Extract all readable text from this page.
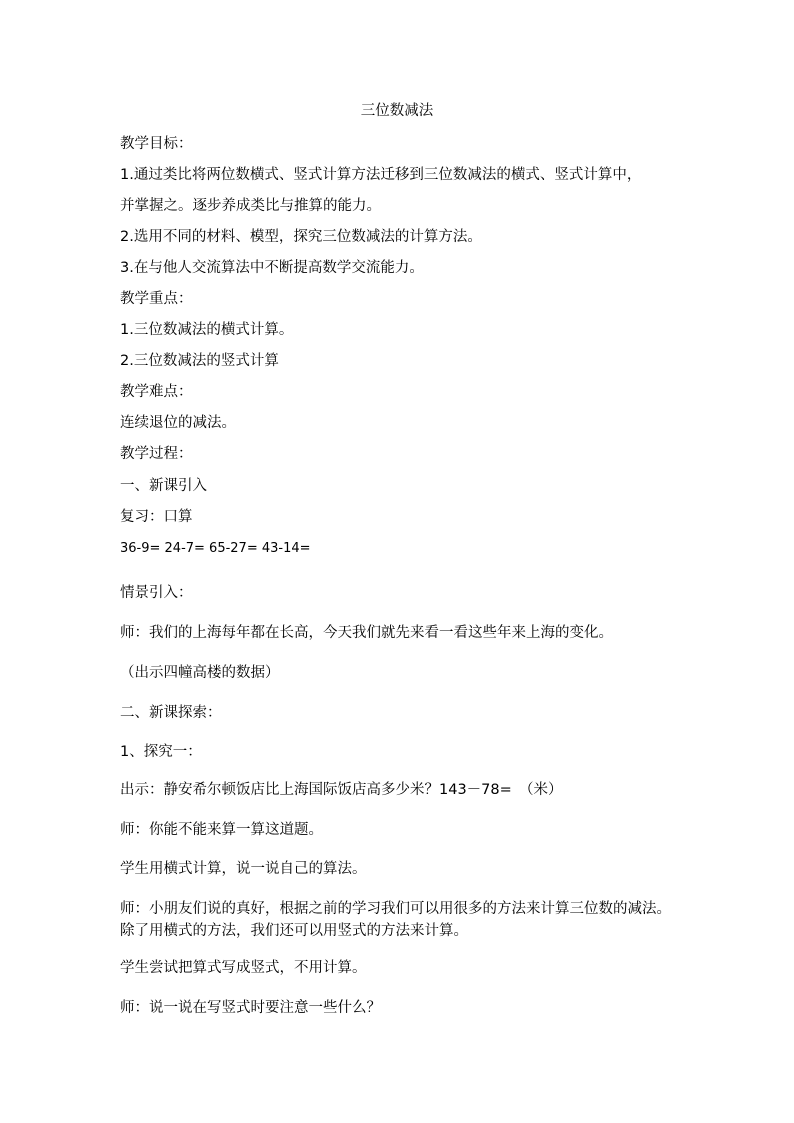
三位数减法
教学目标：
1.通过类比将两位数横式、竖式计算方法迁移到三位数减法的横式、竖式计算中，
并掌握之。逐步养成类比与推算的能力。
2.选用不同的材料、模型，探究三位数减法的计算方法。
3.在与他人交流算法中不断提高数学交流能力。
教学重点：
1.三位数减法的横式计算。
2.三位数减法的竖式计算
教学难点：
连续退位的减法。
教学过程：
一、新课引入
复习：口算
36-9= 24-7= 65-27= 43-14=
情景引入：
师：我们的上海每年都在长高，今天我们就先来看一看这些年来上海的变化。
（出示四幢高楼的数据）
二、新课探索：
1、探究一：
出示：静安希尔顿饭店比上海国际饭店高多少米？143－78=　（米）
师：你能不能来算一算这道题。
学生用横式计算，说一说自己的算法。
师：小朋友们说的真好，根据之前的学习我们可以用很多的方法来计算三位数的减法。除了用横式的方法，我们还可以用竖式的方法来计算。
学生尝试把算式写成竖式，不用计算。
师：说一说在写竖式时要注意一些什么？
